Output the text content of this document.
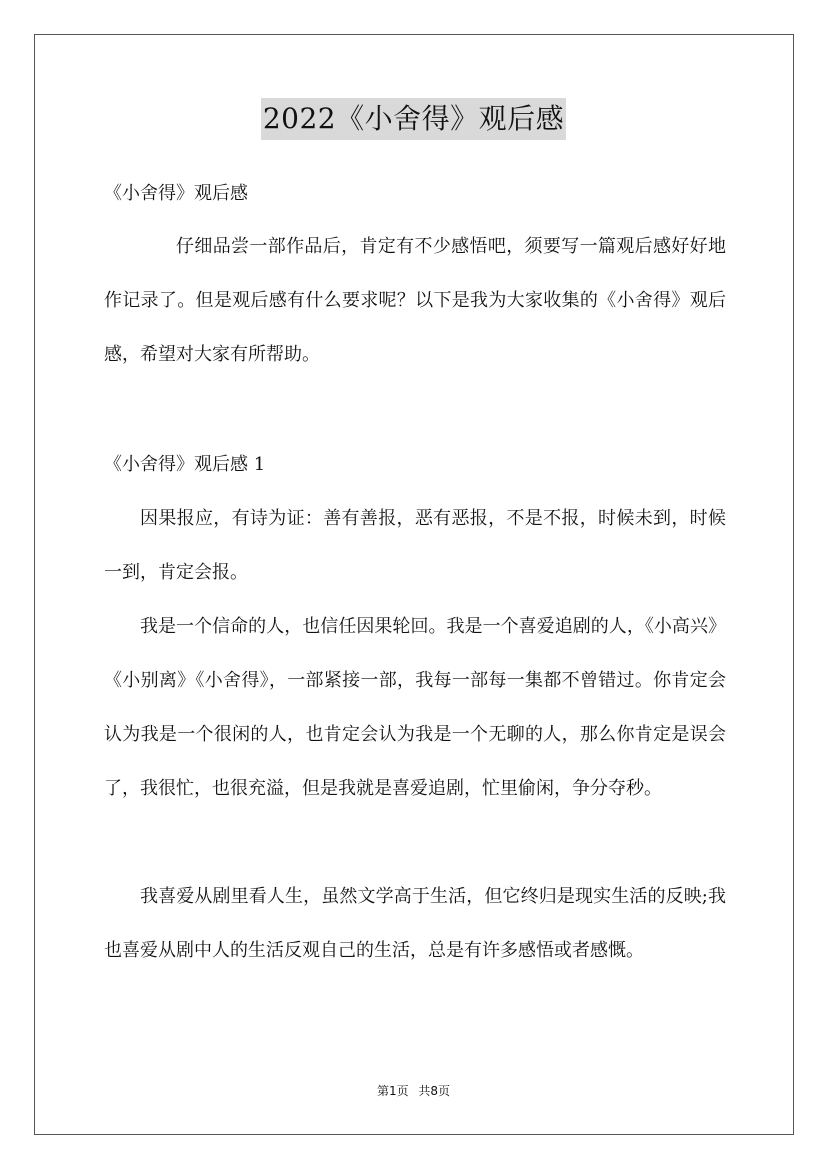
2022《小舍得》观后感
《小舍得》观后感

仔细品尝一部作品后，肯定有不少感悟吧，须要写一篇观后感好好地作记录了。但是观后感有什么要求呢？以下是我为大家收集的《小舍得》观后感，希望对大家有所帮助。

《小舍得》观后感 1

因果报应，有诗为证：善有善报，恶有恶报，不是不报，时候未到，时候一到，肯定会报。

我是一个信命的人，也信任因果轮回。我是一个喜爱追剧的人，《小高兴》《小别离》《小舍得》，一部紧接一部，我每一部每一集都不曾错过。你肯定会认为我是一个很闲的人，也肯定会认为我是一个无聊的人，那么你肯定是误会了，我很忙，也很充溢，但是我就是喜爱追剧，忙里偷闲，争分夺秒。

我喜爱从剧里看人生，虽然文学高于生活，但它终归是现实生活的反映;我也喜爱从剧中人的生活反观自己的生活，总是有许多感悟或者感慨。

第1页 共8页
